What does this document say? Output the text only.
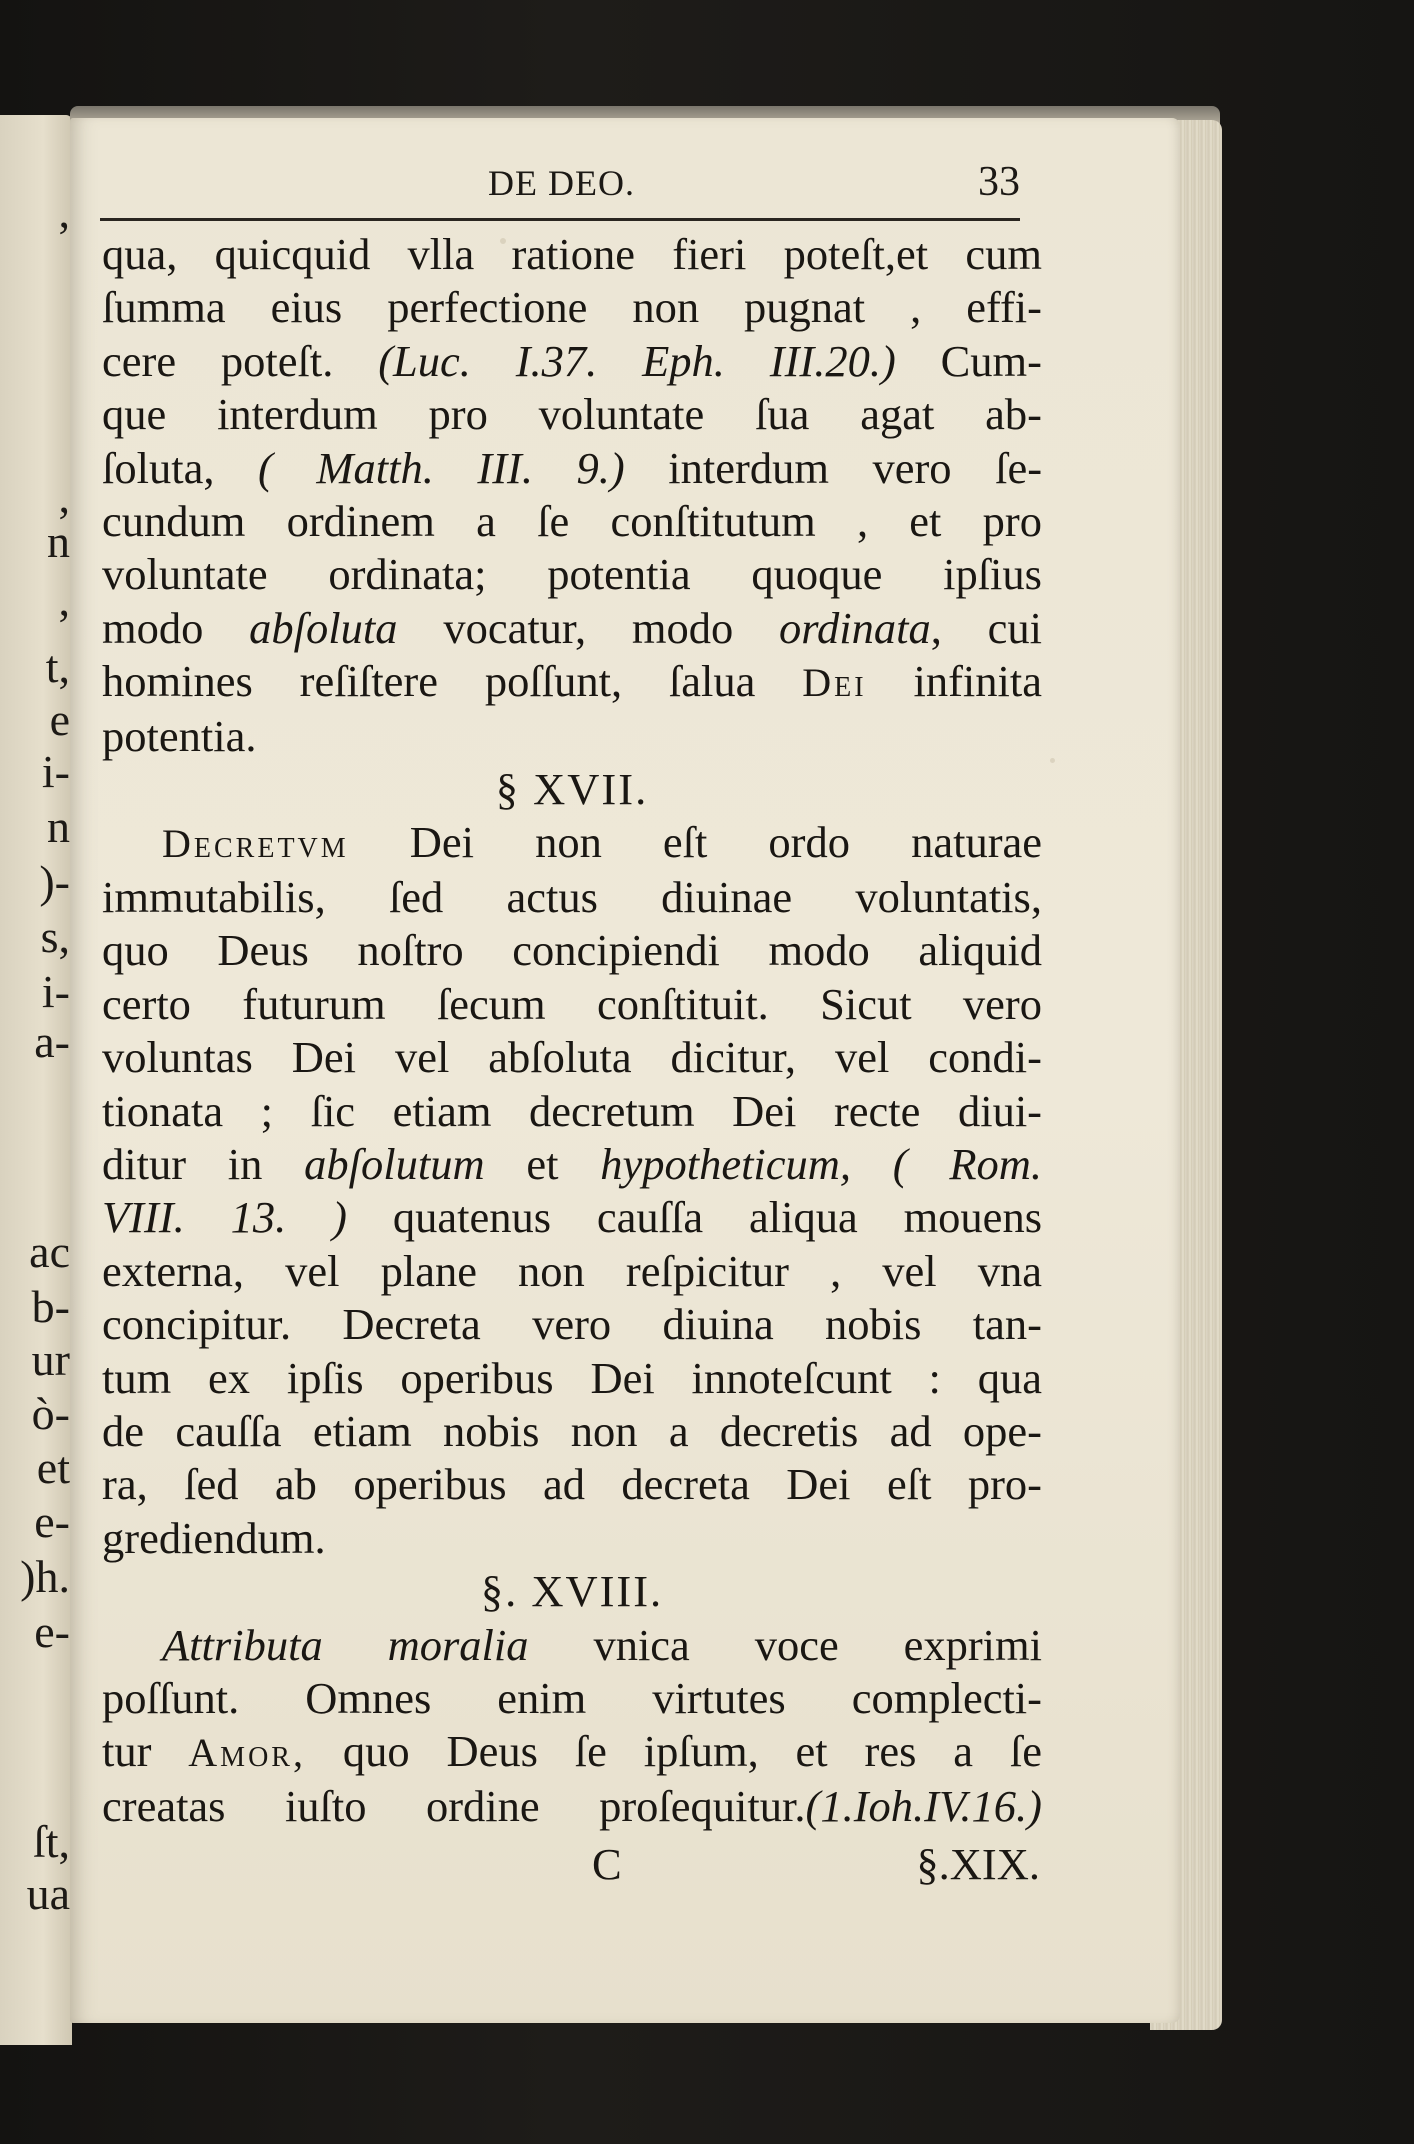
,
,
n
,
t,
e
i-
n
)-
s,
i-
a-
ac
b-
ur
ò-
et
e-
)h.
e-
ſt,
ua
DE DEO.	33
qua, quicquid vlla ratione fieri poteſt,et cum
ſumma eius perfectione non pugnat , effi-
cere poteſt. (Luc. I.37. Eph. III.20.) Cum-
que interdum pro voluntate ſua agat ab-
ſoluta, ( Matth. III. 9.) interdum vero ſe-
cundum ordinem a ſe conſtitutum , et pro
voluntate ordinata; potentia quoque ipſius
modo abſoluta vocatur, modo ordinata, cui
homines reſiſtere poſſunt, ſalua Dei infinita
potentia.
§ XVII.
Decretvm Dei non eſt ordo naturae
immutabilis, ſed actus diuinae voluntatis,
quo Deus noſtro concipiendi modo aliquid
certo futurum ſecum conſtituit. Sicut vero
voluntas Dei vel abſoluta dicitur, vel condi-
tionata ; ſic etiam decretum Dei recte diui-
ditur in abſolutum et hypotheticum, ( Rom.
VIII. 13. ) quatenus cauſſa aliqua mouens
externa, vel plane non reſpicitur , vel vna
concipitur. Decreta vero diuina nobis tan-
tum ex ipſis operibus Dei innoteſcunt : qua
de cauſſa etiam nobis non a decretis ad ope-
ra, ſed ab operibus ad decreta Dei eſt pro-
grediendum.
§. XVIII.
Attributa moralia vnica voce exprimi
poſſunt. Omnes enim virtutes complecti-
tur Amor, quo Deus ſe ipſum, et res a ſe
creatas iuſto ordine proſequitur.(1.Ioh.IV.16.)
C	§.XIX.
